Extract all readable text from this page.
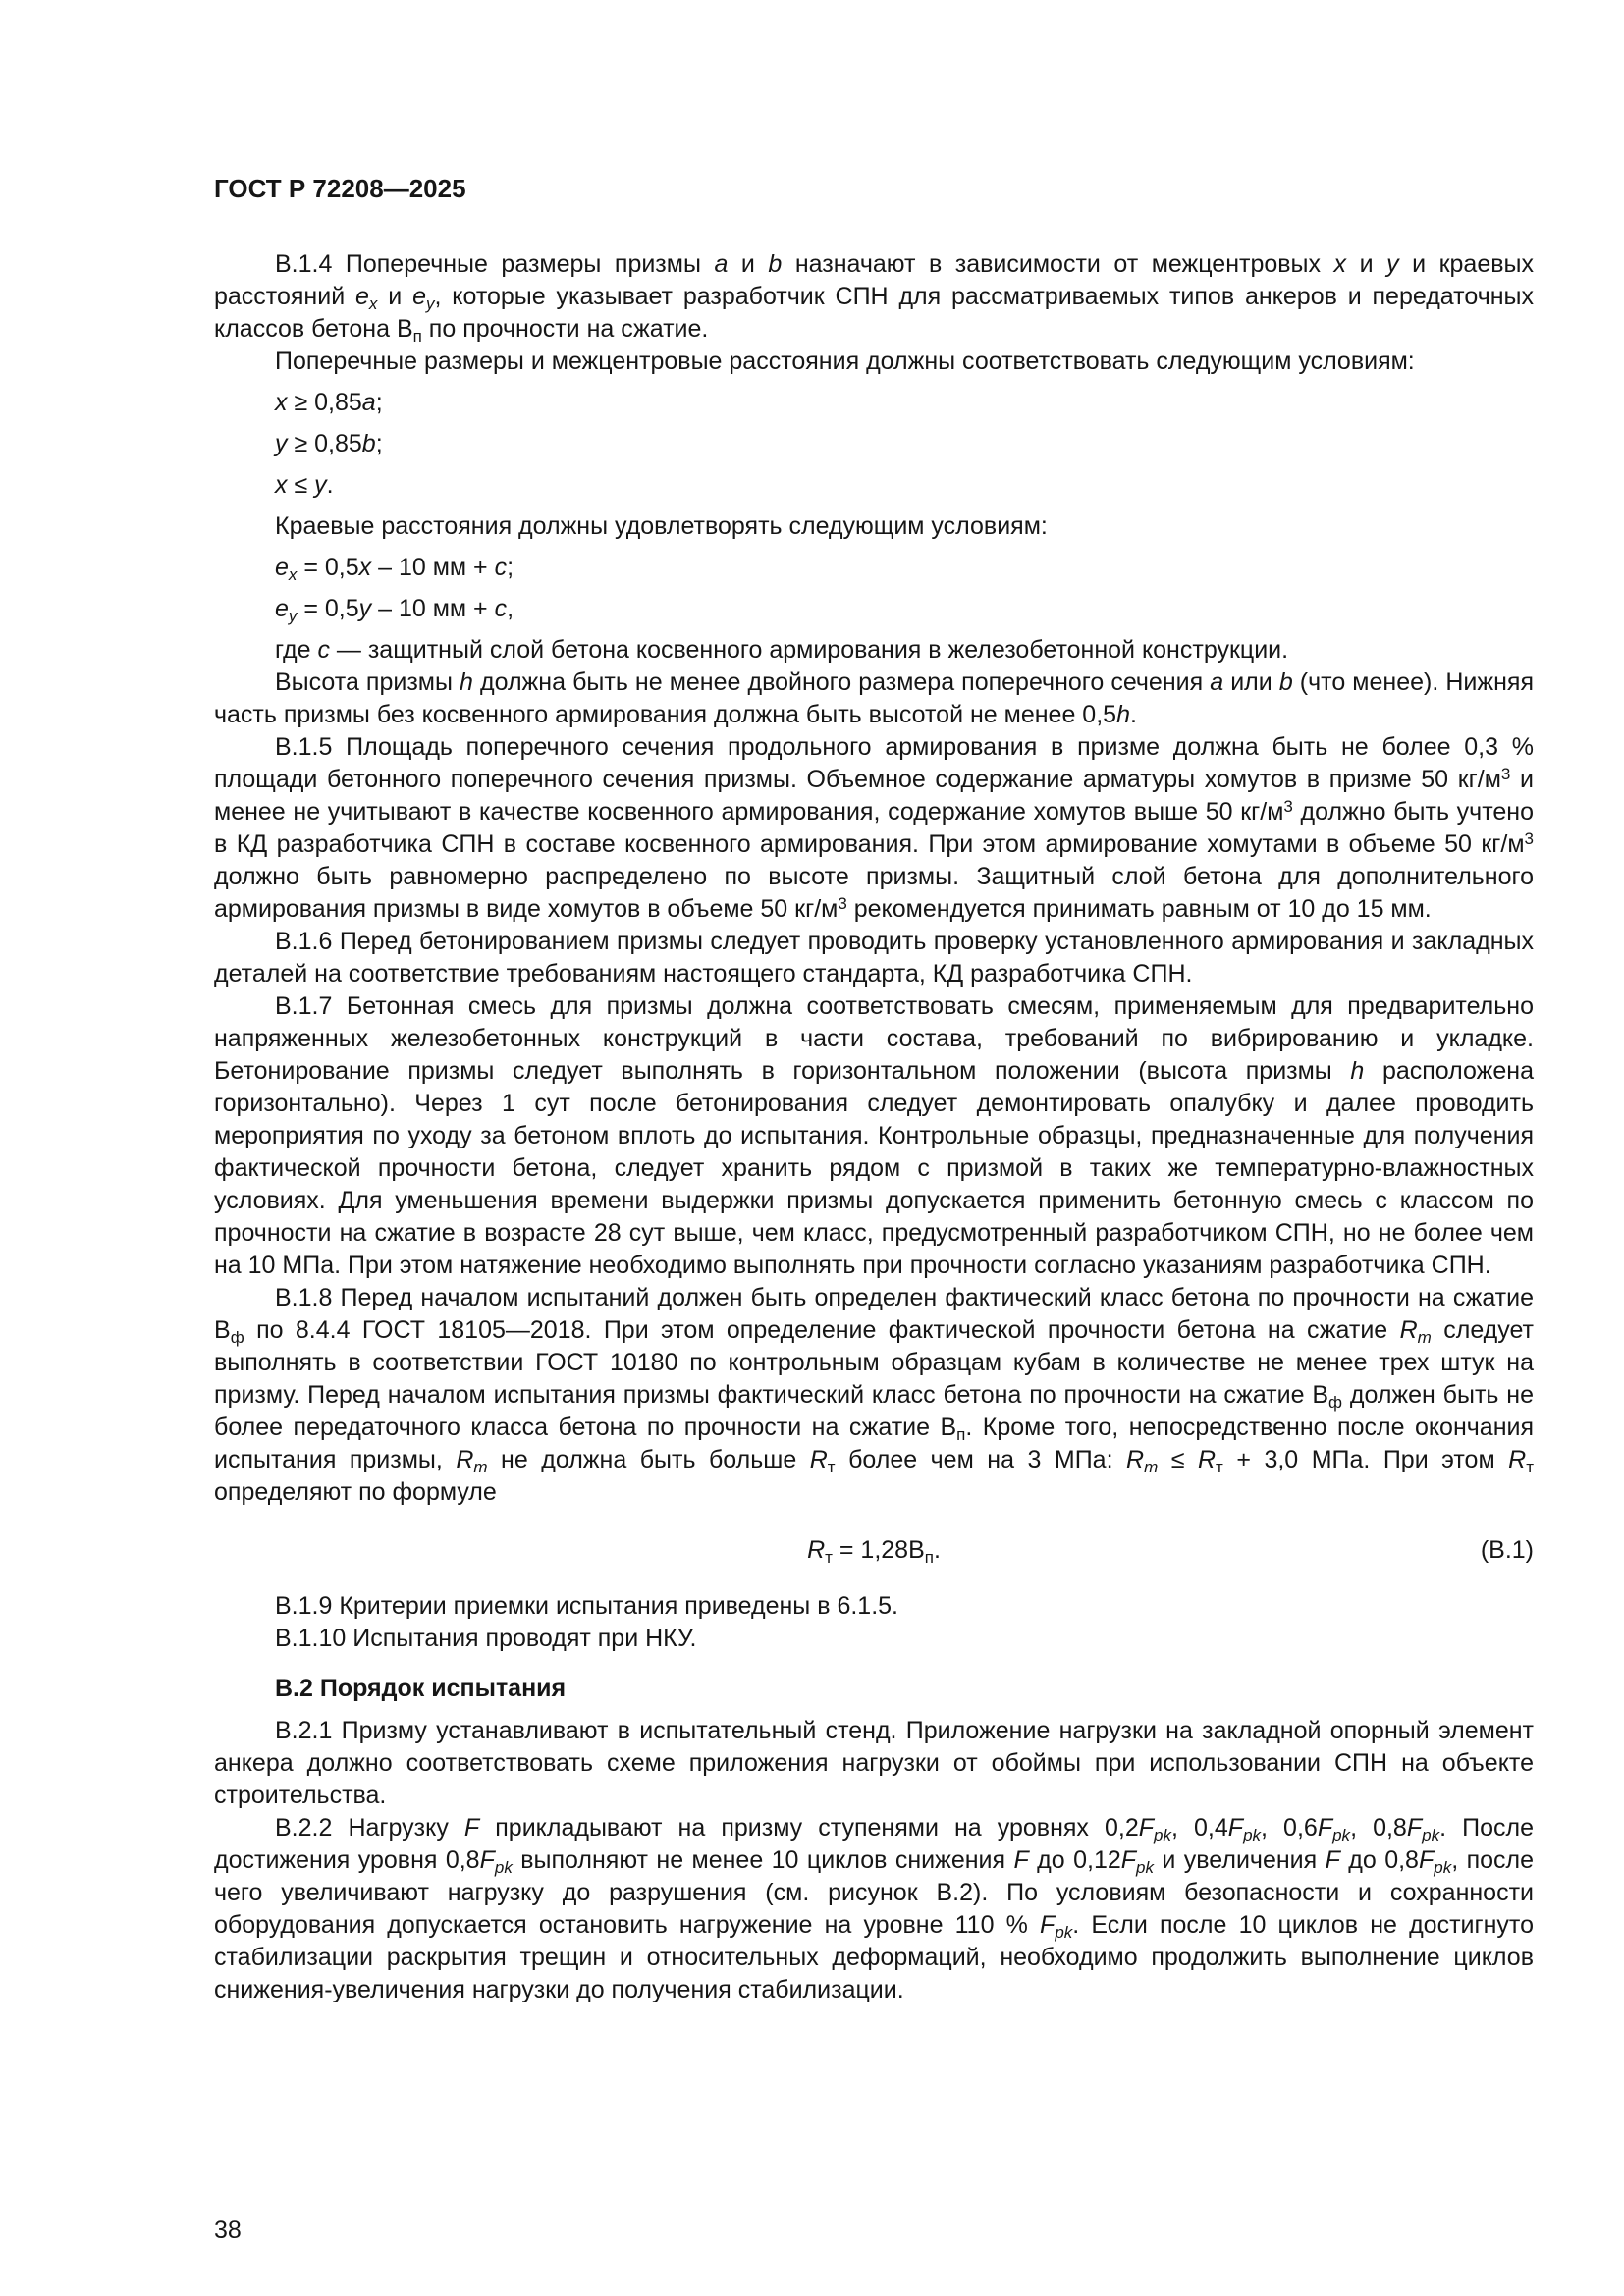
ГОСТ Р 72208—2025
В.1.4 Поперечные размеры призмы a и b назначают в зависимости от межцентровых x и y и краевых расстояний $e_x$ и $e_y$, которые указывает разработчик СПН для рассматриваемых типов анкеров и передаточных классов бетона $В_п$ по прочности на сжатие.
Поперечные размеры и межцентровые расстояния должны соответствовать следующим условиям:
x ≥ 0,85a;
y ≥ 0,85b;
x ≤ y.
Краевые расстояния должны удовлетворять следующим условиям:
$e_x = 0,5x - 10$ мм + c;
$e_y = 0,5y - 10$ мм + c,
где c — защитный слой бетона косвенного армирования в железобетонной конструкции.
Высота призмы h должна быть не менее двойного размера поперечного сечения a или b (что менее). Нижняя часть призмы без косвенного армирования должна быть высотой не менее 0,5h.
В.1.5 Площадь поперечного сечения продольного армирования в призме должна быть не более 0,3 % площади бетонного поперечного сечения призмы. Объемное содержание арматуры хомутов в призме 50 $кг/м^3$ и менее не учитывают в качестве косвенного армирования, содержание хомутов выше 50 $кг/м^3$ должно быть учтено в КД разработчика СПН в составе косвенного армирования. При этом армирование хомутами в объеме 50 $кг/м^3$ должно быть равномерно распределено по высоте призмы. Защитный слой бетона для дополнительного армирования призмы в виде хомутов в объеме 50 $кг/м^3$ рекомендуется принимать равным от 10 до 15 мм.
В.1.6 Перед бетонированием призмы следует проводить проверку установленного армирования и закладных деталей на соответствие требованиям настоящего стандарта, КД разработчика СПН.
В.1.7 Бетонная смесь для призмы должна соответствовать смесям, применяемым для предварительно напряженных железобетонных конструкций в части состава, требований по вибрированию и укладке. Бетонирование призмы следует выполнять в горизонтальном положении (высота призмы h расположена горизонтально). Через 1 сут после бетонирования следует демонтировать опалубку и далее проводить мероприятия по уходу за бетоном вплоть до испытания. Контрольные образцы, предназначенные для получения фактической прочности бетона, следует хранить рядом с призмой в таких же температурно-влажностных условиях. Для уменьшения времени выдержки призмы допускается применить бетонную смесь с классом по прочности на сжатие в возрасте 28 сут выше, чем класс, предусмотренный разработчиком СПН, но не более чем на 10 МПа. При этом натяжение необходимо выполнять при прочности согласно указаниям разработчика СПН.
В.1.8 Перед началом испытаний должен быть определен фактический класс бетона по прочности на сжатие $В_ф$ по 8.4.4 ГОСТ 18105—2018. При этом определение фактической прочности бетона на сжатие $R_m$ следует выполнять в соответствии ГОСТ 10180 по контрольным образцам кубам в количестве не менее трех штук на призму. Перед началом испытания призмы фактический класс бетона по прочности на сжатие $В_ф$ должен быть не более передаточного класса бетона по прочности на сжатие $В_п$. Кроме того, непосредственно после окончания испытания призмы, $R_m$ не должна быть больше $R_т$ более чем на 3 МПа: $R_m \le R_т + 3,0$ МПа. При этом $R_т$ определяют по формуле
$R_т = 1,28В_п$.	(В.1)
В.1.9 Критерии приемки испытания приведены в 6.1.5.
В.1.10 Испытания проводят при НКУ.
В.2 Порядок испытания
В.2.1 Призму устанавливают в испытательный стенд. Приложение нагрузки на закладной опорный элемент анкера должно соответствовать схеме приложения нагрузки от обоймы при использовании СПН на объекте строительства.
В.2.2 Нагрузку F прикладывают на призму ступенями на уровнях $0,2F_{pk}$, $0,4F_{pk}$, $0,6F_{pk}$, $0,8F_{pk}$. После достижения уровня $0,8F_{pk}$ выполняют не менее 10 циклов снижения F до $0,12F_{pk}$ и увеличения F до $0,8F_{pk}$, после чего увеличивают нагрузку до разрушения (см. рисунок В.2). По условиям безопасности и сохранности оборудования допускается остановить нагружение на уровне 110 % $F_{pk}$. Если после 10 циклов не достигнуто стабилизации раскрытия трещин и относительных деформаций, необходимо продолжить выполнение циклов снижения-увеличения нагрузки до получения стабилизации.
38
